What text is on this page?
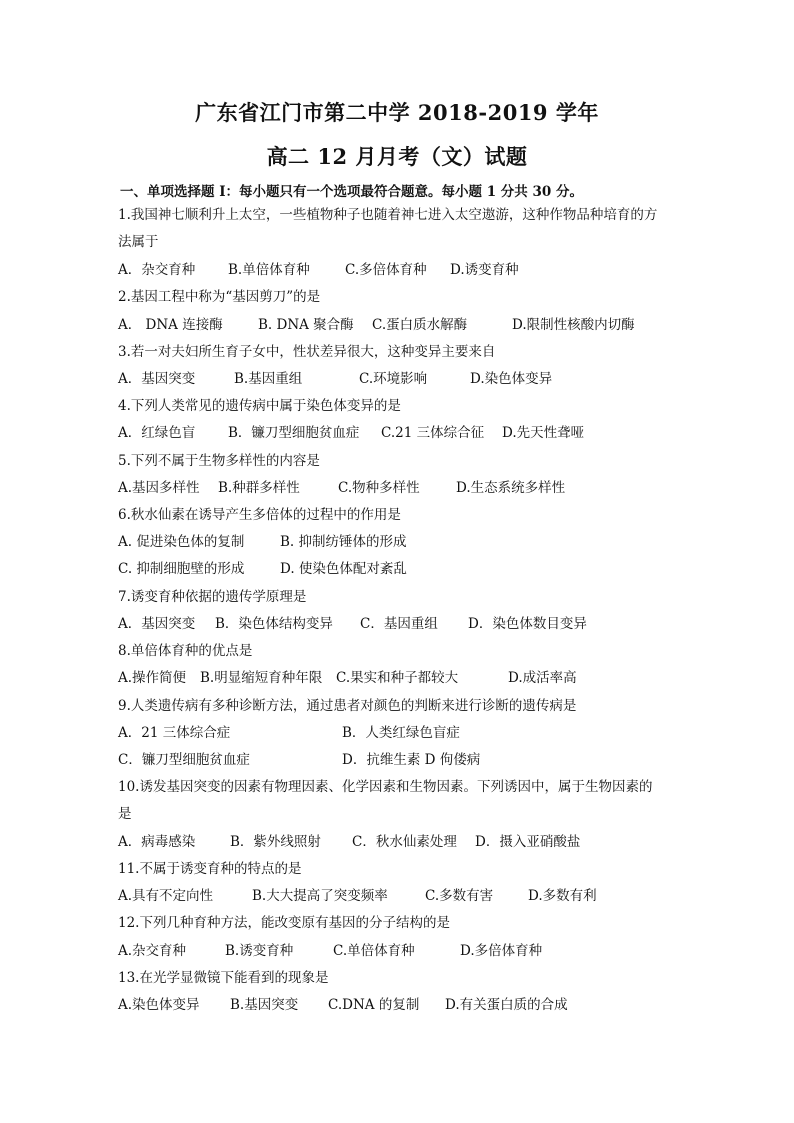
广东省江门市第二中学 2018-2019 学年
高二 12 月月考（文）试题
一、单项选择题 I：每小题只有一个选项最符合题意。每小题 1 分共 30 分。
1.我国神七顺利升上太空，一些植物种子也随着神七进入太空遨游，这种作物品种培育的方
法属于
A．杂交育种 B.单倍体育种	C.多倍体育种 D.诱变育种
2.基因工程中称为“基因剪刀”的是
A． DNA 连接酶	B. DNA 聚合酶 C.蛋白质水解酶	D.限制性核酸内切酶
3.若一对夫妇所生育子女中，性状差异很大，这种变异主要来自
A．基因突变	B.基因重组	C.环境影响	D.染色体变异
4.下列人类常见的遗传病中属于染色体变异的是
A．红绿色盲 B．镰刀型细胞贫血症 C.21 三体综合征 D.先天性聋哑
5.下列不属于生物多样性的内容是
A.基因多样性 B.种群多样性	C.物种多样性	D.生态系统多样性
6.秋水仙素在诱导产生多倍体的过程中的作用是
A. 促进染色体的复制	B. 抑制纺锤体的形成
C. 抑制细胞壁的形成	D. 使染色体配对紊乱
7.诱变育种依据的遗传学原理是
A．基因突变 B．染色体结构变异 C．基因重组 D．染色体数目变异
8.单倍体育种的优点是
A.操作简便 B.明显缩短育种年限 C.果实和种子都较大	D.成活率高
9.人类遗传病有多种诊断方法，通过患者对颜色的判断来进行诊断的遗传病是
A．21 三体综合症	B．人类红绿色盲症
C．镰刀型细胞贫血症	D．抗维生素 D 佝偻病
10.诱发基因突变的因素有物理因素、化学因素和生物因素。下列诱因中，属于生物因素的
是
A．病毒感染	B．紫外线照射 C．秋水仙素处理 D．摄入亚硝酸盐
11.不属于诱变育种的特点的是
A.具有不定向性	B.大大提高了突变频率	C.多数有害	D.多数有利
12.下列几种育种方法，能改变原有基因的分子结构的是
A.杂交育种	B.诱变育种	C.单倍体育种	D.多倍体育种
13.在光学显微镜下能看到的现象是
A.染色体变异 B.基因突变 C.DNA 的复制 D.有关蛋白质的合成
